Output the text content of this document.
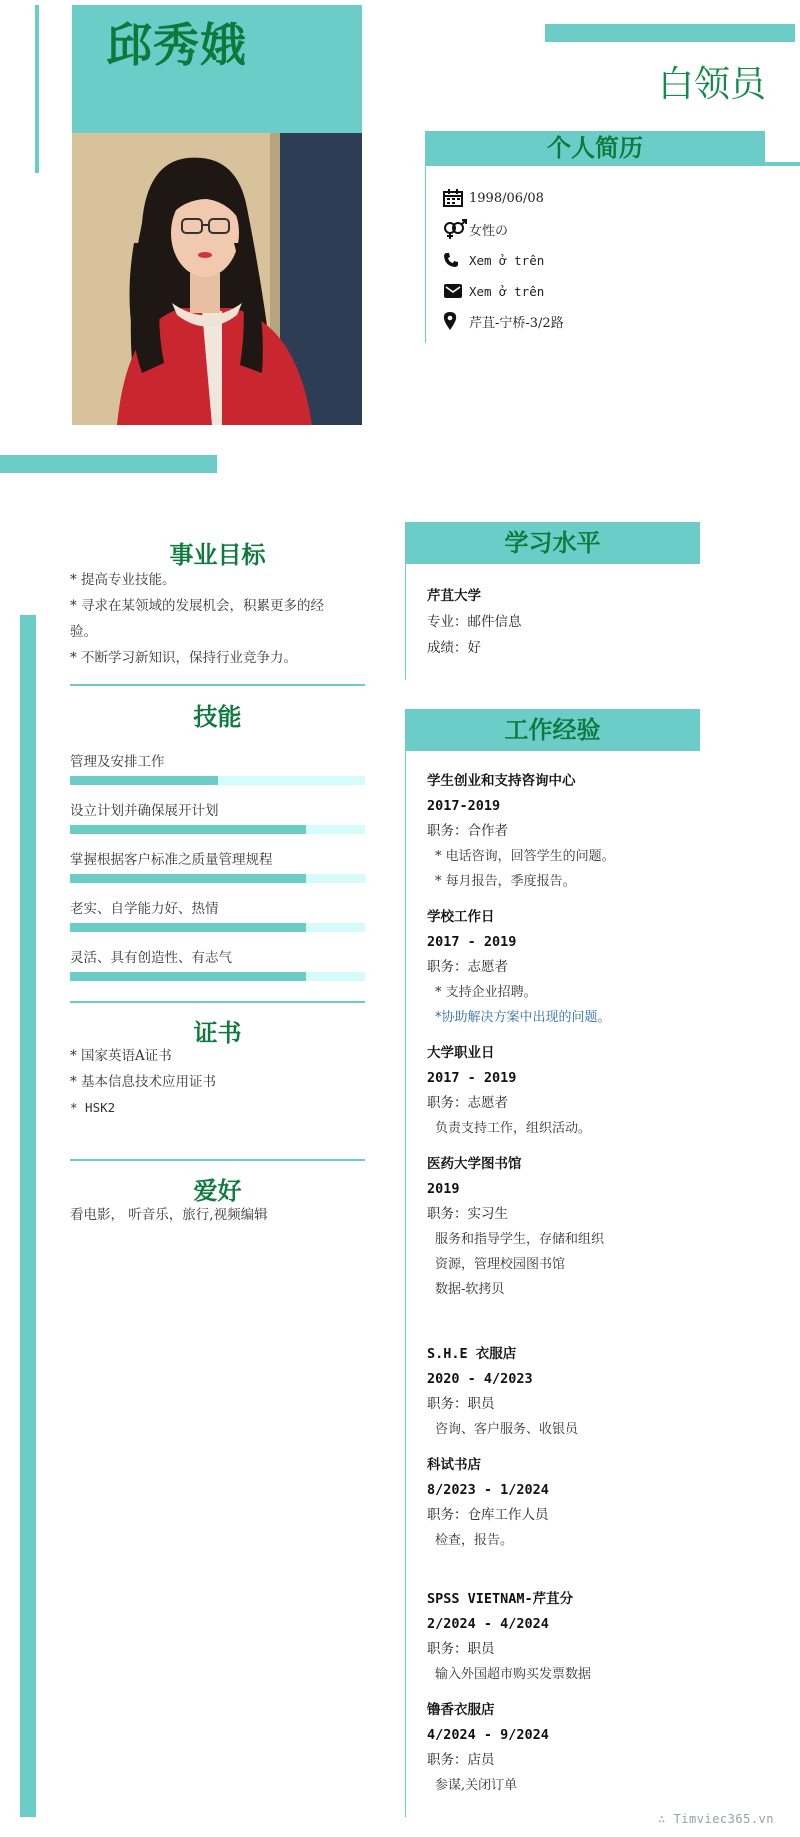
邱秀娥
白领员
个人简历
1998/06/08
女性の
Xem ở trên
Xem ở trên
芹苴-宁桥-3/2路
事业目标
* 提高专业技能。
* 寻求在某领域的发展机会，积累更多的经
验。
* 不断学习新知识，保持行业竞争力。
技能
管理及安排工作
设立计划并确保展开计划
掌握根据客户标准之质量管理规程
老实、自学能力好、热情
灵活、具有创造性、有志气
证书
* 国家英语A证书
* 基本信息技术应用证书
* HSK2
爱好
看电影， 听音乐，旅行,视频编辑
学习水平
芹苴大学
专业：邮件信息
成绩：好
工作经验

学生创业和支持咨询中心

2017-2019

职务：合作者

* 电话咨询，回答学生的问题。

* 每月报告，季度报告。

学校工作日

2017 - 2019

职务：志愿者

* 支持企业招聘。

*协助解决方案中出现的问题。

大学职业日

2017 - 2019

职务：志愿者

负责支持工作，组织活动。

医药大学图书馆

2019

职务：实习生

服务和指导学生，存储和组织

资源，管理校园图书馆

数据-软拷贝

S.H.E 衣服店

2020 - 4/2023

职务：职员

咨询、客户服务、收银员

科试书店

8/2023 - 1/2024

职务：仓库工作人员

检查，报告。

SPSS VIETNAM-芹苴分

2/2024 - 4/2024

职务：职员

输入外国超市购买发票数据

镥香衣服店

4/2024 - 9/2024

职务：店员

参谋,关闭订单

∴ Timviec365.vn
